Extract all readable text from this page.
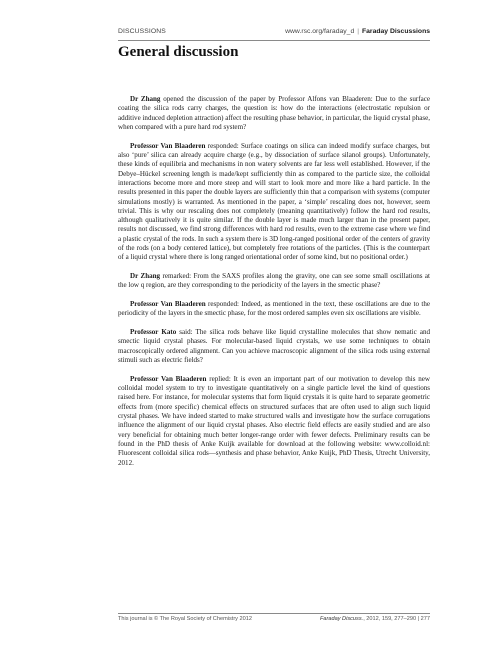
DISCUSSIONS	www.rsc.org/faraday_d | Faraday Discussions
General discussion

Dr Zhang opened the discussion of the paper by Professor Alfons van Blaaderen: Due to the surface coating the silica rods carry charges, the question is: how do the interactions (electrostatic repulsion or additive induced depletion attraction) affect the resulting phase behavior, in particular, the liquid crystal phase, when compared with a pure hard rod system?

Professor Van Blaaderen responded: Surface coatings on silica can indeed modify surface charges, but also ‘pure’ silica can already acquire charge (e.g., by dissociation of surface silanol groups). Unfortunately, these kinds of equilibria and mechanisms in non watery solvents are far less well established. However, if the Debye–Hückel screening length is made/kept sufficiently thin as compared to the particle size, the colloidal interactions become more and more steep and will start to look more and more like a hard particle. In the results presented in this paper the double layers are sufficiently thin that a comparison with systems (computer simulations mostly) is warranted. As mentioned in the paper, a ‘simple’ rescaling does not, however, seem trivial. This is why our rescaling does not completely (meaning quantitatively) follow the hard rod results, although qualitatively it is quite similar. If the double layer is made much larger than in the present paper, results not discussed, we find strong differences with hard rod results, even to the extreme case where we find a plastic crystal of the rods. In such a system there is 3D long-ranged positional order of the centers of gravity of the rods (on a body centered lattice), but completely free rotations of the particles. (This is the counterpart of a liquid crystal where there is long ranged orientational order of some kind, but no positional order.)

Dr Zhang remarked: From the SAXS profiles along the gravity, one can see some small oscillations at the low q region, are they corresponding to the periodicity of the layers in the smectic phase?

Professor Van Blaaderen responded: Indeed, as mentioned in the text, these oscillations are due to the periodicity of the layers in the smectic phase, for the most ordered samples even six oscillations are visible.

Professor Kato said: The silica rods behave like liquid crystalline molecules that show nematic and smectic liquid crystal phases. For molecular-based liquid crystals, we use some techniques to obtain macroscopically ordered alignment. Can you achieve macroscopic alignment of the silica rods using external stimuli such as electric fields?

Professor Van Blaaderen replied: It is even an important part of our motivation to develop this new colloidal model system to try to investigate quantitatively on a single particle level the kind of questions raised here. For instance, for molecular systems that form liquid crystals it is quite hard to separate geometric effects from (more specific) chemical effects on structured surfaces that are often used to align such liquid crystal phases. We have indeed started to make structured walls and investigate how the surface corrugations influence the alignment of our liquid crystal phases. Also electric field effects are easily studied and are also very beneficial for obtaining much better longer-range order with fewer defects. Preliminary results can be found in the PhD thesis of Anke Kuijk available for download at the following website: www.colloid.nl: Fluorescent colloidal silica rods—synthesis and phase behavior, Anke Kuijk, PhD Thesis, Utrecht University, 2012.

This journal is © The Royal Society of Chemistry 2012	Faraday Discuss., 2012, 159, 277–290 | 277
